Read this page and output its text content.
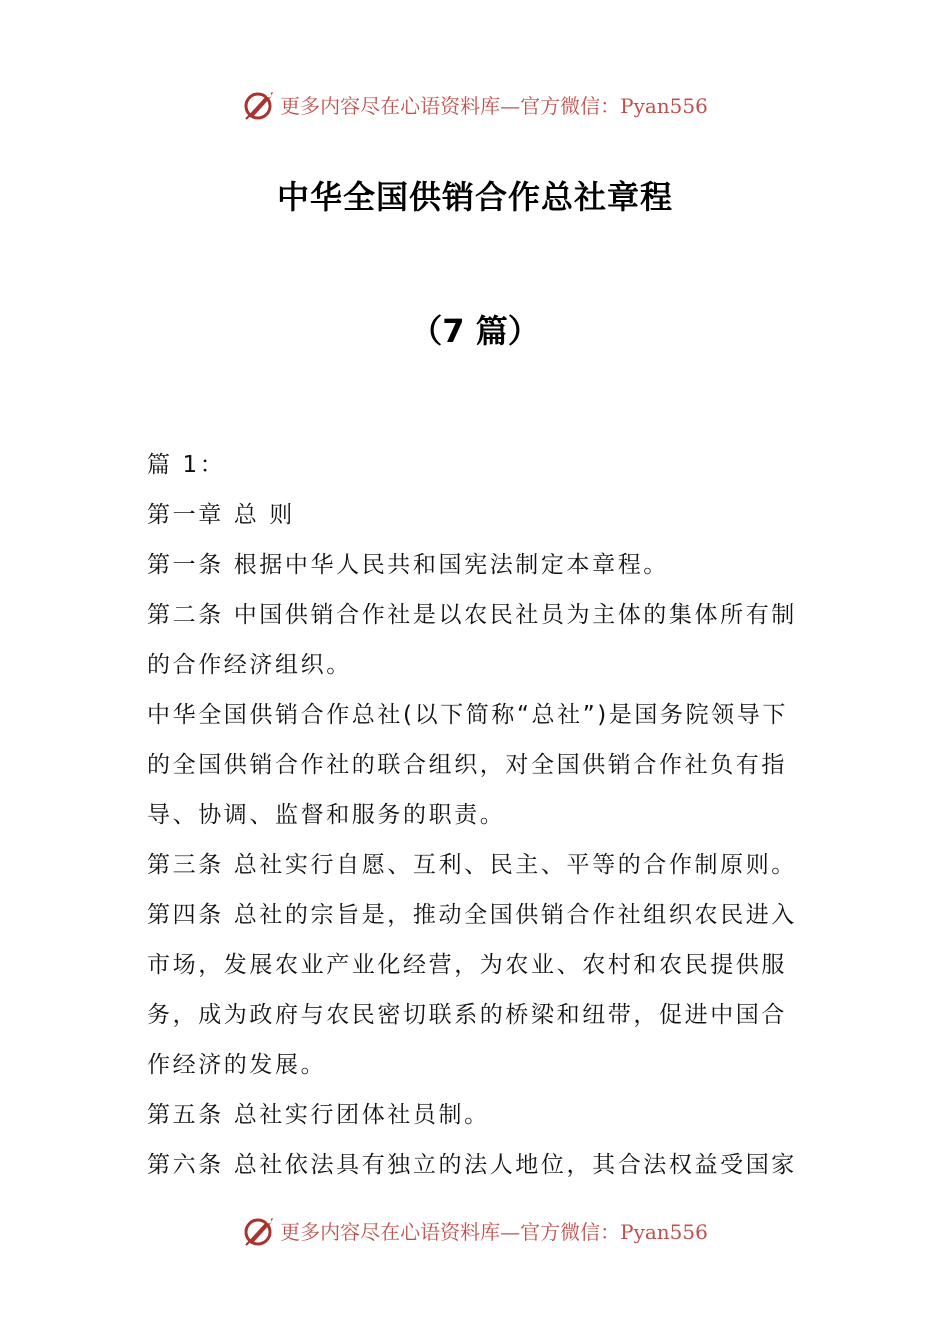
更多内容尽在心语资料库—官方微信：Pyan556
中华全国供销合作总社章程
（7 篇）
篇 1：
第一章 总 则
第一条 根据中华人民共和国宪法制定本章程。
第二条 中国供销合作社是以农民社员为主体的集体所有制
的合作经济组织。
中华全国供销合作总社(以下简称“总社”)是国务院领导下
的全国供销合作社的联合组织，对全国供销合作社负有指
导、协调、监督和服务的职责。
第三条 总社实行自愿、互利、民主、平等的合作制原则。
第四条 总社的宗旨是，推动全国供销合作社组织农民进入
市场，发展农业产业化经营，为农业、农村和农民提供服
务，成为政府与农民密切联系的桥梁和纽带，促进中国合
作经济的发展。
第五条 总社实行团体社员制。
第六条 总社依法具有独立的法人地位，其合法权益受国家
更多内容尽在心语资料库—官方微信：Pyan556
